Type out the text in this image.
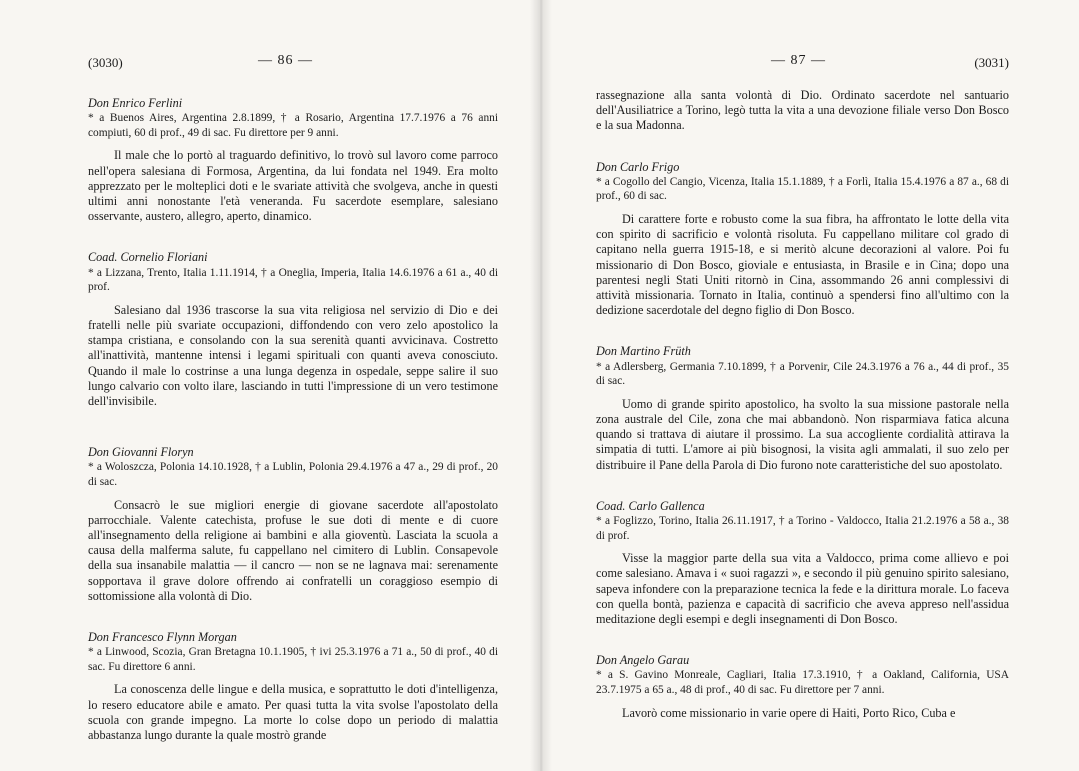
(3030)	— 86 —
Don Enrico Ferlini
* a Buenos Aires, Argentina 2.8.1899, † a Rosario, Argentina 17.7.1976 a 76 anni compiuti, 60 di prof., 49 di sac. Fu direttore per 9 anni.
Il male che lo portò al traguardo definitivo, lo trovò sul lavoro come parroco nell'opera salesiana di Formosa, Argentina, da lui fondata nel 1949. Era molto apprezzato per le molteplici doti e le svariate attività che svolgeva, anche in questi ultimi anni nonostante l'età veneranda. Fu sacerdote esemplare, salesiano osservante, austero, allegro, aperto, dinamico.
Coad. Cornelio Floriani
* a Lizzana, Trento, Italia 1.11.1914, † a Oneglia, Imperia, Italia 14.6.1976 a 61 a., 40 di prof.
Salesiano dal 1936 trascorse la sua vita religiosa nel servizio di Dio e dei fratelli nelle più svariate occupazioni, diffondendo con vero zelo apostolico la stampa cristiana, e consolando con la sua serenità quanti avvicinava. Costretto all'inattività, mantenne intensi i legami spirituali con quanti aveva conosciuto. Quando il male lo costrinse a una lunga degenza in ospedale, seppe salire il suo lungo calvario con volto ilare, lasciando in tutti l'impressione di un vero testimone dell'invisibile.
Don Giovanni Floryn
* a Woloszcza, Polonia 14.10.1928, † a Lublin, Polonia 29.4.1976 a 47 a., 29 di prof., 20 di sac.
Consacrò le sue migliori energie di giovane sacerdote all'apostolato parrocchiale. Valente catechista, profuse le sue doti di mente e di cuore all'insegnamento della religione ai bambini e alla gioventù. Lasciata la scuola a causa della malferma salute, fu cappellano nel cimitero di Lublin. Consapevole della sua insanabile malattia — il cancro — non se ne lagnava mai: serenamente sopportava il grave dolore offrendo ai confratelli un coraggioso esempio di sottomissione alla volontà di Dio.
Don Francesco Flynn Morgan
* a Linwood, Scozia, Gran Bretagna 10.1.1905, † ivi 25.3.1976 a 71 a., 50 di prof., 40 di sac. Fu direttore 6 anni.
La conoscenza delle lingue e della musica, e soprattutto le doti d'intelligenza, lo resero educatore abile e amato. Per quasi tutta la vita svolse l'apostolato della scuola con grande impegno. La morte lo colse dopo un periodo di malattia abbastanza lungo durante la quale mostrò grande
— 87 —	(3031)
rassegnazione alla santa volontà di Dio. Ordinato sacerdote nel santuario dell'Ausiliatrice a Torino, legò tutta la vita a una devozione filiale verso Don Bosco e la sua Madonna.
Don Carlo Frigo
* a Cogollo del Cangio, Vicenza, Italia 15.1.1889, † a Forlì, Italia 15.4.1976 a 87 a., 68 di prof., 60 di sac.
Di carattere forte e robusto come la sua fibra, ha affrontato le lotte della vita con spirito di sacrificio e volontà risoluta. Fu cappellano militare col grado di capitano nella guerra 1915-18, e si meritò alcune decorazioni al valore. Poi fu missionario di Don Bosco, gioviale e entusiasta, in Brasile e in Cina; dopo una parentesi negli Stati Uniti ritornò in Cina, assommando 26 anni complessivi di attività missionaria. Tornato in Italia, continuò a spendersi fino all'ultimo con la dedizione sacerdotale del degno figlio di Don Bosco.
Don Martino Früth
* a Adlersberg, Germania 7.10.1899, † a Porvenir, Cile 24.3.1976 a 76 a., 44 di prof., 35 di sac.
Uomo di grande spirito apostolico, ha svolto la sua missione pastorale nella zona australe del Cile, zona che mai abbandonò. Non risparmiava fatica alcuna quando si trattava di aiutare il prossimo. La sua accogliente cordialità attirava la simpatia di tutti. L'amore ai più bisognosi, la visita agli ammalati, il suo zelo per distribuire il Pane della Parola di Dio furono note caratteristiche del suo apostolato.
Coad. Carlo Gallenca
* a Foglizzo, Torino, Italia 26.11.1917, † a Torino - Valdocco, Italia 21.2.1976 a 58 a., 38 di prof.
Visse la maggior parte della sua vita a Valdocco, prima come allievo e poi come salesiano. Amava i « suoi ragazzi », e secondo il più genuino spirito salesiano, sapeva infondere con la preparazione tecnica la fede e la dirittura morale. Lo faceva con quella bontà, pazienza e capacità di sacrificio che aveva appreso nell'assidua meditazione degli esempi e degli insegnamenti di Don Bosco.
Don Angelo Garau
* a S. Gavino Monreale, Cagliari, Italia 17.3.1910, † a Oakland, California, USA 23.7.1975 a 65 a., 48 di prof., 40 di sac. Fu direttore per 7 anni.
Lavorò come missionario in varie opere di Haiti, Porto Rico, Cuba e
